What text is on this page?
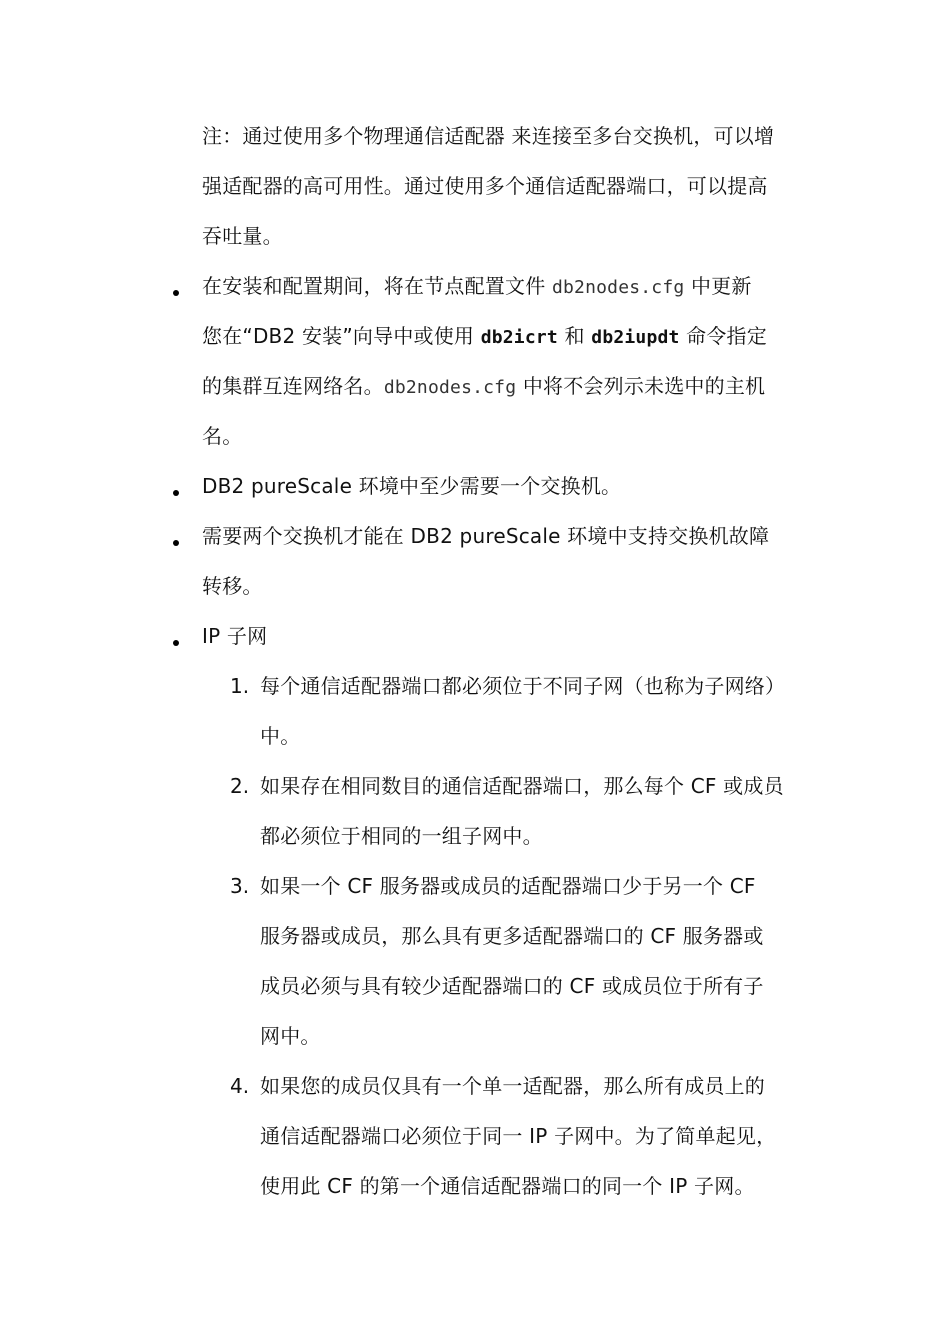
注：通过使用多个物理通信适配器 来连接至多台交换机，可以增
强适配器的高可用性。通过使用多个通信适配器端口，可以提高
吞吐量。
在安装和配置期间，将在节点配置文件 db2nodes.cfg 中更新
您在“DB2 安装”向导中或使用 db2icrt 和 db2iupdt 命令指定
的集群互连网络名。db2nodes.cfg 中将不会列示未选中的主机
名。
DB2 pureScale 环境中至少需要一个交换机。
需要两个交换机才能在 DB2 pureScale 环境中支持交换机故障
转移。
IP 子网
1. 每个通信适配器端口都必须位于不同子网（也称为子网络）
中。
2. 如果存在相同数目的通信适配器端口，那么每个 CF 或成员
都必须位于相同的一组子网中。
3. 如果一个 CF 服务器或成员的适配器端口少于另一个 CF
服务器或成员，那么具有更多适配器端口的 CF 服务器或
成员必须与具有较少适配器端口的 CF 或成员位于所有子
网中。
4. 如果您的成员仅具有一个单一适配器，那么所有成员上的
通信适配器端口必须位于同一 IP 子网中。为了简单起见，
使用此 CF 的第一个通信适配器端口的同一个 IP 子网。
